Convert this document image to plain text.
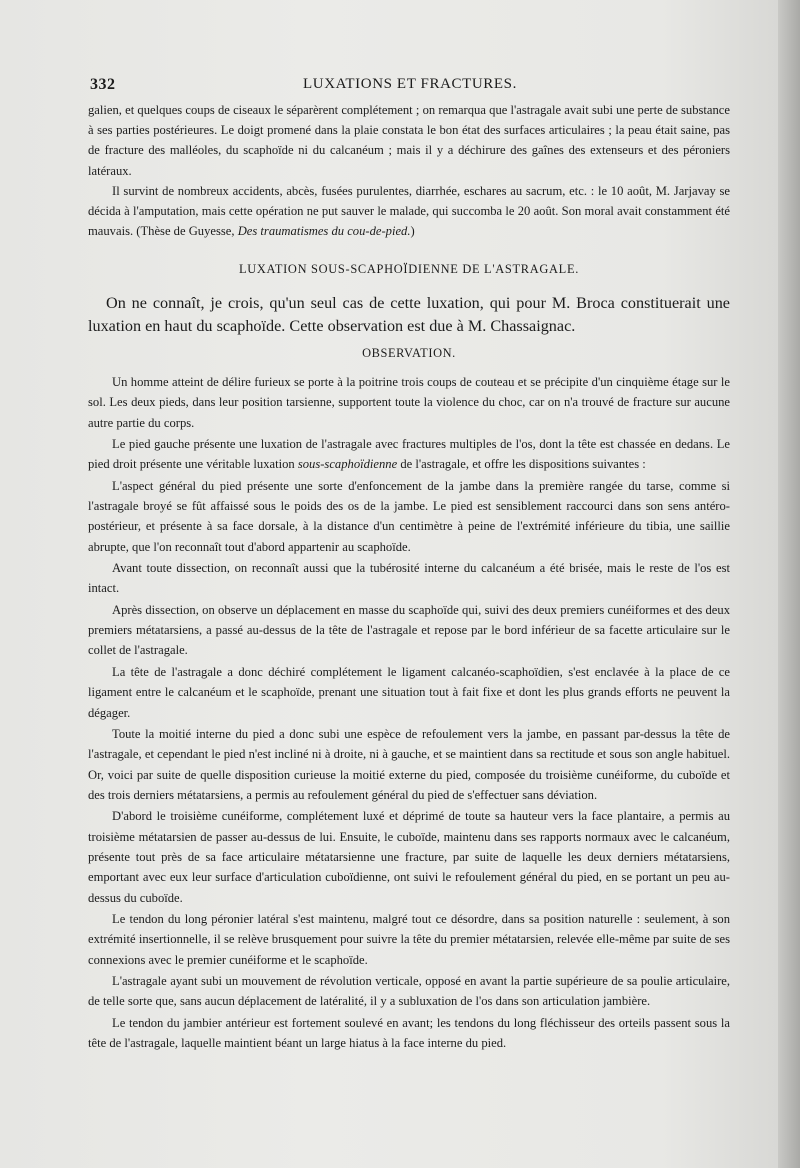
332	LUXATIONS ET FRACTURES.

galien, et quelques coups de ciseaux le séparèrent complétement ; on remarqua que l'astragale avait subi une perte de substance à ses parties postérieures. Le doigt promené dans la plaie constata le bon état des surfaces articulaires ; la peau était saine, pas de fracture des malléoles, du scaphoïde ni du calcanéum ; mais il y a déchirure des gaînes des extenseurs et des péroniers latéraux.

Il survint de nombreux accidents, abcès, fusées purulentes, diarrhée, eschares au sacrum, etc. : le 10 août, M. Jarjavay se décida à l'amputation, mais cette opération ne put sauver le malade, qui succomba le 20 août. Son moral avait constamment été mauvais. (Thèse de Guyesse, Des traumatismes du cou-de-pied.)

LUXATION SOUS-SCAPHOÏDIENNE DE L'ASTRAGALE.

On ne connaît, je crois, qu'un seul cas de cette luxation, qui pour M. Broca constituerait une luxation en haut du scaphoïde. Cette observation est due à M. Chassaignac.

OBSERVATION.

Un homme atteint de délire furieux se porte à la poitrine trois coups de couteau et se précipite d'un cinquième étage sur le sol. Les deux pieds, dans leur position tarsienne, supportent toute la violence du choc, car on n'a trouvé de fracture sur aucune autre partie du corps.

Le pied gauche présente une luxation de l'astragale avec fractures multiples de l'os, dont la tête est chassée en dedans. Le pied droit présente une véritable luxation sous-scaphoïdienne de l'astragale, et offre les dispositions suivantes :

L'aspect général du pied présente une sorte d'enfoncement de la jambe dans la première rangée du tarse, comme si l'astragale broyé se fût affaissé sous le poids des os de la jambe. Le pied est sensiblement raccourci dans son sens antéro-postérieur, et présente à sa face dorsale, à la distance d'un centimètre à peine de l'extrémité inférieure du tibia, une saillie abrupte, que l'on reconnaît tout d'abord appartenir au scaphoïde.

Avant toute dissection, on reconnaît aussi que la tubérosité interne du calcanéum a été brisée, mais le reste de l'os est intact.

Après dissection, on observe un déplacement en masse du scaphoïde qui, suivi des deux premiers cunéiformes et des deux premiers métatarsiens, a passé au-dessus de la tête de l'astragale et repose par le bord inférieur de sa facette articulaire sur le collet de l'astragale.

La tête de l'astragale a donc déchiré complétement le ligament calcanéo-scaphoïdien, s'est enclavée à la place de ce ligament entre le calcanéum et le scaphoïde, prenant une situation tout à fait fixe et dont les plus grands efforts ne peuvent la dégager.

Toute la moitié interne du pied a donc subi une espèce de refoulement vers la jambe, en passant par-dessus la tête de l'astragale, et cependant le pied n'est incliné ni à droite, ni à gauche, et se maintient dans sa rectitude et sous son angle habituel. Or, voici par suite de quelle disposition curieuse la moitié externe du pied, composée du troisième cunéiforme, du cuboïde et des trois derniers métatarsiens, a permis au refoulement général du pied de s'effectuer sans déviation.

D'abord le troisième cunéiforme, complétement luxé et déprimé de toute sa hauteur vers la face plantaire, a permis au troisième métatarsien de passer au-dessus de lui. Ensuite, le cuboïde, maintenu dans ses rapports normaux avec le calcanéum, présente tout près de sa face articulaire métatarsienne une fracture, par suite de laquelle les deux derniers métatarsiens, emportant avec eux leur surface d'articulation cuboïdienne, ont suivi le refoulement général du pied, en se portant un peu au-dessus du cuboïde.

Le tendon du long péronier latéral s'est maintenu, malgré tout ce désordre, dans sa position naturelle : seulement, à son extrémité insertionnelle, il se relève brusquement pour suivre la tête du premier métatarsien, relevée elle-même par suite de ses connexions avec le premier cunéiforme et le scaphoïde.

L'astragale ayant subi un mouvement de révolution verticale, opposé en avant la partie supérieure de sa poulie articulaire, de telle sorte que, sans aucun déplacement de latéralité, il y a subluxation de l'os dans son articulation jambière.

Le tendon du jambier antérieur est fortement soulevé en avant; les tendons du long fléchisseur des orteils passent sous la tête de l'astragale, laquelle maintient béant un large hiatus à la face interne du pied.
